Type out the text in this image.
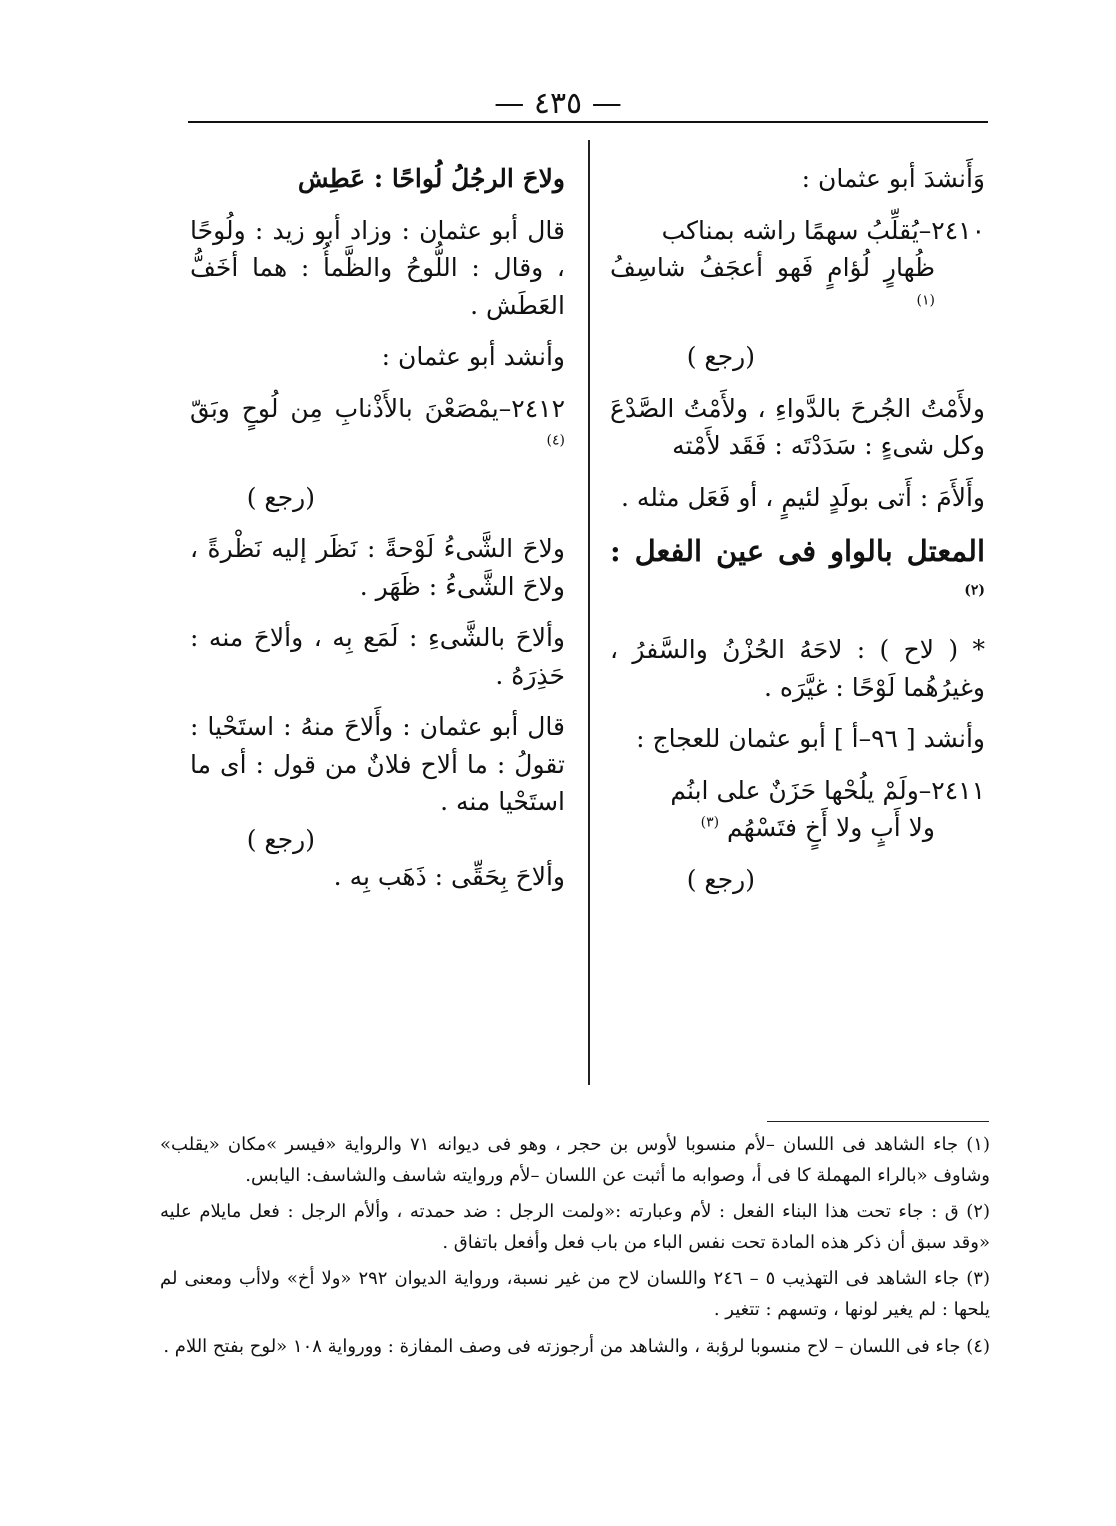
— ٤٣٥ —

وَأَنشدَ أبو عثمان :

٢٤١٠–يُقلِّبُ سهمًا راشه بمناكب

ظُهارٍ لُؤامٍ فَهو أعجَفُ شاسِفُ $^{(١)}$

(رجع )

ولأَمْتُ الجُرحَ بالدَّواءِ ، ولأَمْتُ الصَّدْعَ وكل شىءٍ : سَدَدْتَه : فَقَد لأَمْته

وأَلأَمَ : أَتى بولَدٍ لئيمٍ ، أو فَعَل مثله .

المعتل بالواو فى عين الفعل : $^{(٢)}$

* ( لاح ) : لاحَهُ الحُزْنُ والسَّفرُ ، وغيرُهُما لَوْحًا : غيَّرَه .

وأنشد [ ٩٦–أ ] أبو عثمان للعجاج :

٢٤١١–ولَمْ يلُحْها حَزَنٌ على ابنُم

ولا أَبٍ ولا أَخٍ فتَسْهُم $^{(٣)}$

(رجع )

ولاحَ الرجُلُ لُواحًا : عَطِش

قال أبو عثمان : وزاد أبو زيد : ولُوحًا ، وقال : اللُّوحُ والظَّمأُ : هما أخَفُّ العَطَش .

وأنشد أبو عثمان :

٢٤١٢–يمْصَعْنَ بالأَذْنابِ مِن لُوحٍ وبَقّ $^{(٤)}$

(رجع )

ولاحَ الشَّىءُ لَوْحةً : نَظَر إليه نَظْرةً ، ولاحَ الشَّىءُ : ظَهَر .

وألاحَ بالشَّىءِ : لَمَع بِه ، وألاحَ منه : حَذِرَهُ .

قال أبو عثمان : وأَلاحَ منهُ : استَحْيا : تقولُ : ما ألاح فلانٌ من قول : أى ما استَحْيا منه .

(رجع )

وألاحَ بِحَقِّى : ذَهَب بِه .

(١) جاء الشاهد فى اللسان –لأم منسوبا لأوس بن حجر ، وهو فى ديوانه ٧١ والرواية «فيسر »مكان «يقلب» وشاوف «بالراء المهملة كا فى أ، وصوابه ما أثبت عن اللسان –لأم وروايته شاسف والشاسف: اليابس.

(٢) ق : جاء تحت هذا البناء الفعل : لأم وعبارته :«ولمت الرجل : ضد حمدته ، وألأم الرجل : فعل مايلام عليه «وقد سبق أن ذكر هذه المادة تحت نفس الباء من باب فعل وأفعل باتفاق .

(٣) جاء الشاهد فى التهذيب ٥ – ٢٤٦ واللسان لاح من غير نسبة، ورواية الديوان ٢٩٢ «ولا أخ» ولاأب ومعنى لم يلحها : لم يغير لونها ، وتسهم : تتغير .

(٤) جاء فى اللسان – لاح منسوبا لرؤبة ، والشاهد من أرجوزته فى وصف المفازة : وورواية ١٠٨ «لوح بفتح اللام .
